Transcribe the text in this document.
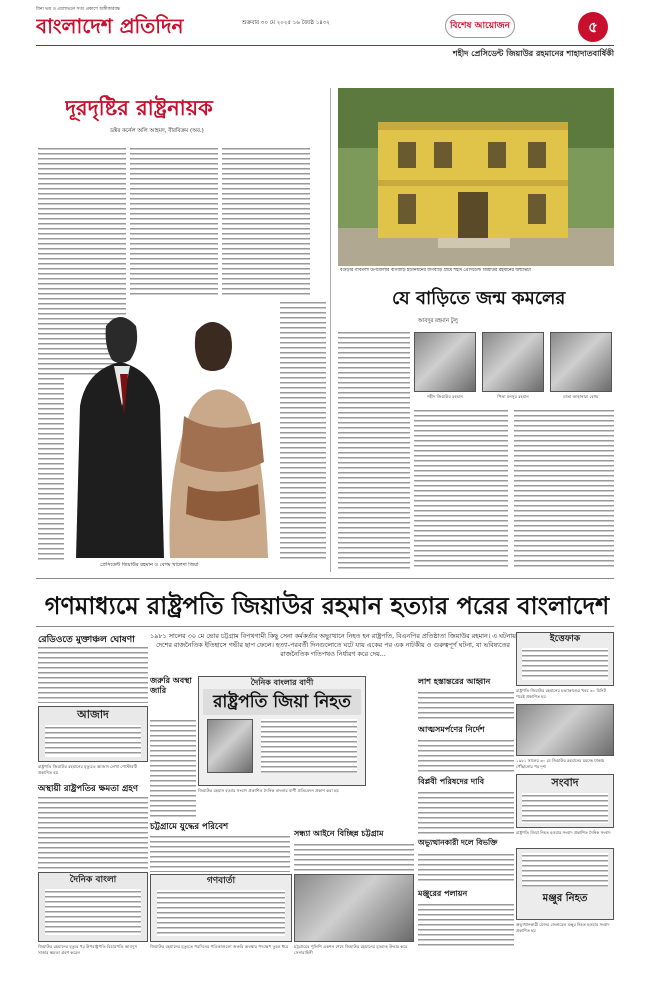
বিনা ভয় ও প্রলোভনে সত্য প্রকাশে অঙ্গীকারবদ্ধ
বাংলাদেশ প্রতিদিন	শুক্রবার ৩০ মে ২০২৫ ১৬ জ্যৈষ্ঠ ১৪৩২	বিশেষ আয়োজন	৫
শহীদ প্রেসিডেন্ট জিয়াউর রহমানের শাহাদাতবার্ষিকী
দূরদৃষ্টির রাষ্ট্রনায়ক
ডক্টর কর্নেল অলি আহমদ, বীরবিক্রম (অব.)
প্রেসিডেন্ট জিয়াউর রহমান ও বেগম খালেদা জিয়া
বগুড়ার গাবতলী উপজেলার বাগবাড়ি ইউনিয়নের বাগবাড়ি গ্রামে শহীদ প্রেসিডেন্ট জিয়াউর রহমানের জন্মভিটা
যে বাড়িতে জন্ম কমলের
আবদুর রহমান টুলু
শহীদ জিয়াউর রহমান	পিতা মনসুর রহমান	মাতা জাহানারা বেগম
গণমাধ্যমে রাষ্ট্রপতি জিয়াউর রহমান হত্যার পরের বাংলাদেশ
১৯৮১ সালের ৩০ মে ভোর চট্টগ্রাম বিপথগামী কিছু সেনা কর্মকর্তার অভ্যুত্থানে নিহত হন রাষ্ট্রপতি, বিএনপির প্রতিষ্ঠাতা জিয়াউর রহমান। এ ঘটনায় দেশের রাজনৈতিক ইতিহাসে গভীর ছাপ ফেলে। হত্যা-পরবর্তী দিনগুলোতে ঘটে যায় একের পর এক নাটকীয় ও গুরুত্বপূর্ণ ঘটনা, যা ভবিষ্যতের রাজনৈতিক গতিপথও নির্ধারণ করে দেয়...
রেডিওতে মুক্তাঞ্চল ঘোষণা
আজাদ
রাষ্ট্রপতি জিয়াউর রহমানের মৃত্যুতে আজাদ লেখা পোস্টারটি প্রকাশিত হয়
অস্থায়ী রাষ্ট্রপতির ক্ষমতা গ্রহণ
দৈনিক বাংলা
জিয়াউর রহমানের মৃত্যুর পর উপরাষ্ট্রপতি বিচারপতি আবদুস সাত্তার ক্ষমতা গ্রহণ করেন
জরুরি অবস্থা জারি
দৈনিক বাংলার বাণী
রাষ্ট্রপতি জিয়া নিহত
জিয়াউর রহমান হত্যার সংবাদ প্রকাশিত দৈনিক বাংলার বাণী প্রতিবেদন প্রকাশ করা হয়
চট্টগ্রামে যুদ্ধের পরিবেশ
সন্ধ্যা আইনে বিচ্ছিন্ন চট্টগ্রাম
গণবার্তা
জিয়াউর রহমানের মৃত্যুতে পরদিনের পত্রিকাগুলো জরুরি অবস্থার পদক্ষেপ তুলে ধরে	চট্টগ্রামের পুলিশি একশন শেষে জিয়াউর রহমানের মৃতদেহ উদ্ধার করে সেনাবাহিনী
লাশ হস্তান্তরের আহ্বান
আত্মসমর্পণের নির্দেশ
বিপ্লবী পরিষদের দাবি
অভ্যুত্থানকারী দলে বিভক্তি
মঞ্জুরের পলায়ন
ইত্তেফাক
রাষ্ট্রপতি জিয়াউর রহমানের হত্যাকাণ্ডের খবর ৩০ মিনিট পরেই প্রকাশিত হয়
১৯৮১ সালের ৩০ মে জিয়াউর রহমানের মরদেহ ঢাকায় পৌঁছানোর পর দৃশ্য
সংবাদ
রাষ্ট্রপতি জিয়া নিহত হওয়ার সংবাদ প্রকাশিত দৈনিক সংবাদ
মঞ্জুর নিহত
অভ্যুত্থানকারী মেজর জেনারেল মঞ্জুর নিহত হওয়ার সংবাদ প্রকাশিত হয়
